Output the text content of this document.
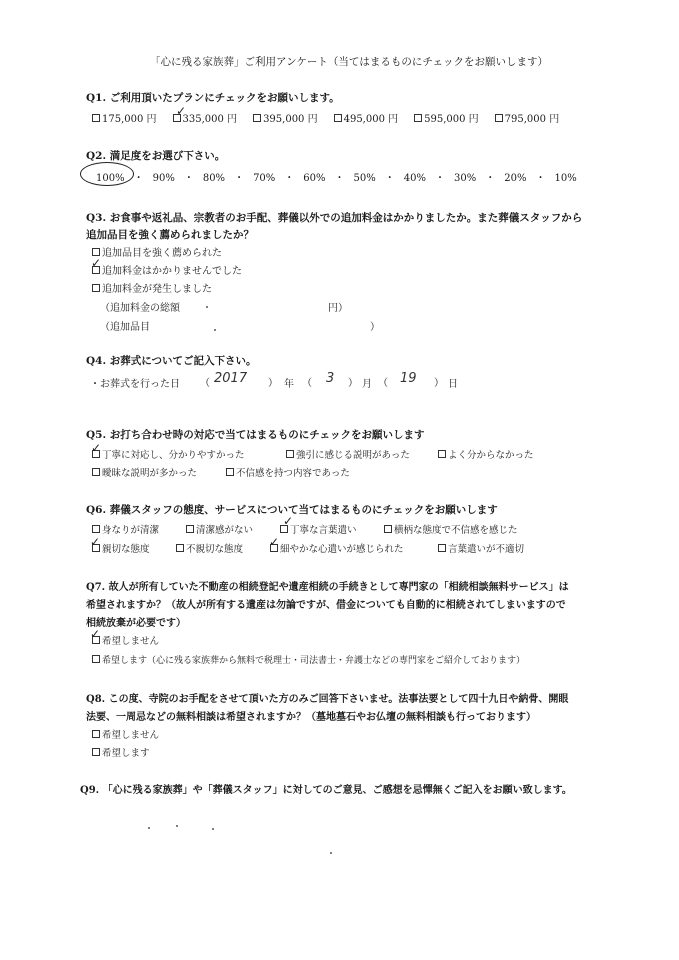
「心に残る家族葬」ご利用アンケート（当てはまるものにチェックをお願いします）
Q1. ご利用頂いたプランにチェックをお願いします。
175,000 円	335,000 円	395,000 円	495,000 円	595,000 円	795,000 円
✓
Q2. 満足度をお選び下さい。
100% ・ 90% ・ 80% ・ 70% ・ 60% ・ 50% ・ 40% ・ 30% ・ 20% ・ 10%
Q3. お食事や返礼品、宗教者のお手配、葬儀以外での追加料金はかかりましたか。また葬儀スタッフから
追加品目を強く薦められましたか？
追加品目を強く薦められた
追加料金はかかりませんでした
✓
追加料金が発生しました
（追加料金の総額	円）
（追加品目	）
Q4. お葬式についてご記入下さい。
・お葬式を行った日 （ 2017 ） 年 （ 3 ） 月 （ 19 ） 日
Q5. お打ち合わせ時の対応で当てはまるものにチェックをお願いします
丁寧に対応し、分かりやすかった
✓
強引に感じる説明があった	よく分からなかった
曖昧な説明が多かった	不信感を持つ内容であった
Q6. 葬儀スタッフの態度、サービスについて当てはまるものにチェックをお願いします
身なりが清潔	清潔感がない	丁寧な言葉遣い
✓
横柄な態度で不信感を感じた
親切な態度
✓
不親切な態度	細やかな心遣いが感じられた
✓
言葉遣いが不適切
Q7. 故人が所有していた不動産の相続登記や遺産相続の手続きとして専門家の「相続相談無料サービス」は
希望されますか？（故人が所有する遺産は勿論ですが、借金についても自動的に相続されてしまいますので
相続放棄が必要です）
希望しません
✓
希望します（心に残る家族葬から無料で税理士・司法書士・弁護士などの専門家をご紹介しております）
Q8. この度、寺院のお手配をさせて頂いた方のみご回答下さいませ。法事法要として四十九日や納骨、開眼
法要、一周忌などの無料相談は希望されますか？（墓地墓石やお仏壇の無料相談も行っております）
希望しません
希望します
Q9. 「心に残る家族葬」や「葬儀スタッフ」に対してのご意見、ご感想を忌憚無くご記入をお願い致します。
